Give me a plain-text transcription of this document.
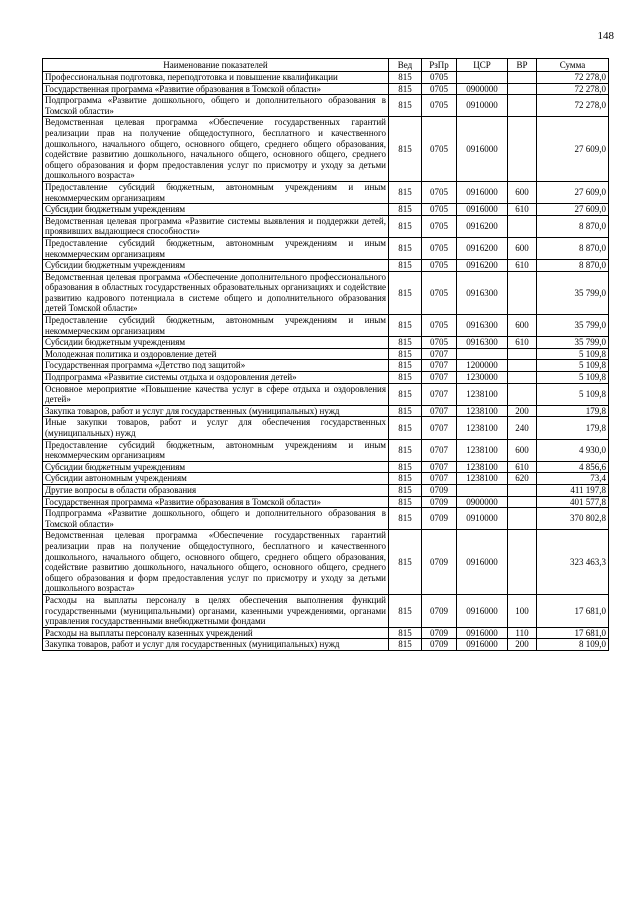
148
Наименование показателей	Вед	РзПр	ЦСР	ВР	Сумма
Профессиональная подготовка, переподготовка и повышение квалификации	815	0705			72 278,0
Государственная программа «Развитие образования в Томской области»	815	0705	0900000		72 278,0
Подпрограмма «Развитие дошкольного, общего и дополнительного образования в Томской области»	815	0705	0910000		72 278,0
Ведомственная целевая программа «Обеспечение государственных гарантий реализации прав на получение общедоступного, бесплатного и качественного дошкольного, начального общего, основного общего, среднего общего образования, содействие развитию дошкольного, начального общего, основного общего, среднего общего образования и форм предоставления услуг по присмотру и уходу за детьми дошкольного возраста»	815	0705	0916000		27 609,0
Предоставление субсидий бюджетным, автономным учреждениям и иным некоммерческим организациям	815	0705	0916000	600	27 609,0
Субсидии бюджетным учреждениям	815	0705	0916000	610	27 609,0
Ведомственная целевая программа «Развитие системы выявления и поддержки детей, проявивших выдающиеся способности»	815	0705	0916200		8 870,0
Предоставление субсидий бюджетным, автономным учреждениям и иным некоммерческим организациям	815	0705	0916200	600	8 870,0
Субсидии бюджетным учреждениям	815	0705	0916200	610	8 870,0
Ведомственная целевая программа «Обеспечение дополнительного профессионального образования в областных государственных образовательных организациях и содействие развитию кадрового потенциала в системе общего и дополнительного образования детей Томской области»	815	0705	0916300		35 799,0
Предоставление субсидий бюджетным, автономным учреждениям и иным некоммерческим организациям	815	0705	0916300	600	35 799,0
Субсидии бюджетным учреждениям	815	0705	0916300	610	35 799,0
Молодежная политика и оздоровление детей	815	0707			5 109,8
Государственная программа «Детство под защитой»	815	0707	1200000		5 109,8
Подпрограмма «Развитие системы отдыха и оздоровления детей»	815	0707	1230000		5 109,8
Основное мероприятие «Повышение качества услуг в сфере отдыха и оздоровления детей»	815	0707	1238100		5 109,8
Закупка товаров, работ и услуг для государственных (муниципальных) нужд	815	0707	1238100	200	179,8
Иные закупки товаров, работ и услуг для обеспечения государственных (муниципальных) нужд	815	0707	1238100	240	179,8
Предоставление субсидий бюджетным, автономным учреждениям и иным некоммерческим организациям	815	0707	1238100	600	4 930,0
Субсидии бюджетным учреждениям	815	0707	1238100	610	4 856,6
Субсидии автономным учреждениям	815	0707	1238100	620	73,4
Другие вопросы в области образования	815	0709			411 197,8
Государственная программа «Развитие образования в Томской области»	815	0709	0900000		401 577,8
Подпрограмма «Развитие дошкольного, общего и дополнительного образования в Томской области»	815	0709	0910000		370 802,8
Ведомственная целевая программа «Обеспечение государственных гарантий реализации прав на получение общедоступного, бесплатного и качественного дошкольного, начального общего, основного общего, среднего общего образования, содействие развитию дошкольного, начального общего, основного общего, среднего общего образования и форм предоставления услуг по присмотру и уходу за детьми дошкольного возраста»	815	0709	0916000		323 463,3
Расходы на выплаты персоналу в целях обеспечения выполнения функций государственными (муниципальными) органами, казенными учреждениями, органами управления государственными внебюджетными фондами	815	0709	0916000	100	17 681,0
Расходы на выплаты персоналу казенных учреждений	815	0709	0916000	110	17 681,0
Закупка товаров, работ и услуг для государственных (муниципальных) нужд	815	0709	0916000	200	8 109,0
